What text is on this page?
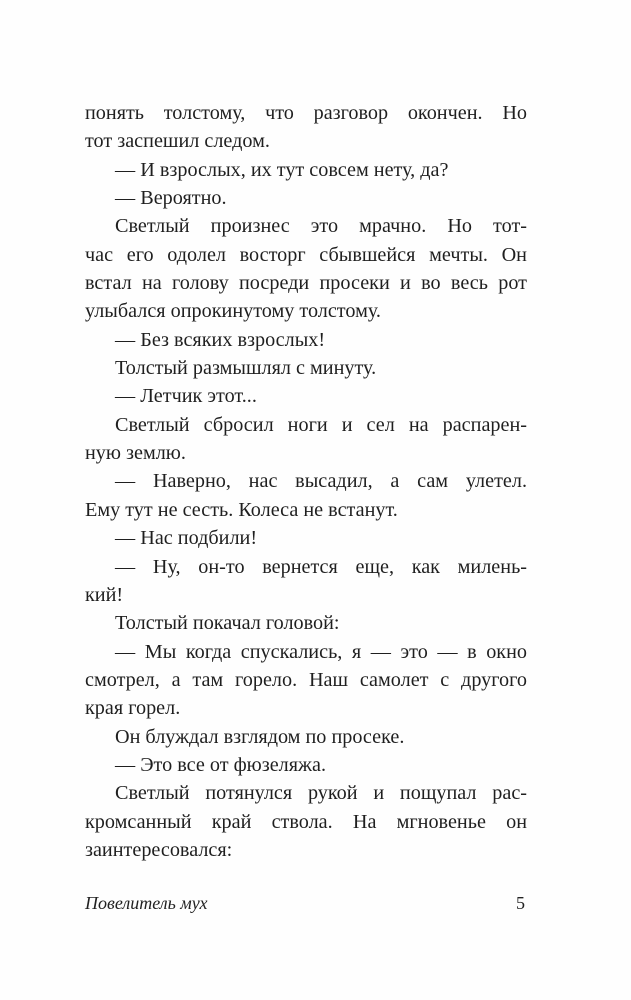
понять толстому, что разговор окончен. Но
тот заспешил следом.
— И взрослых, их тут совсем нету, да?
— Вероятно.
Светлый произнес это мрачно. Но тот-
час его одолел восторг сбывшейся мечты. Он
встал на голову посреди просеки и во весь рот
улыбался опрокинутому толстому.
— Без всяких взрослых!
Толстый размышлял с минуту.
— Летчик этот...
Светлый сбросил ноги и сел на распарен-
ную землю.
— Наверно, нас высадил, а сам улетел.
Ему тут не сесть. Колеса не встанут.
— Нас подбили!
— Ну, он-то вернется еще, как милень-
кий!
Толстый покачал головой:
— Мы когда спускались, я — это — в окно
смотрел, а там горело. Наш самолет с другого
края горел.
Он блуждал взглядом по просеке.
— Это все от фюзеляжа.
Светлый потянулся рукой и пощупал рас-
кромсанный край ствола. На мгновенье он
заинтересовался:
Повелитель мух	5
